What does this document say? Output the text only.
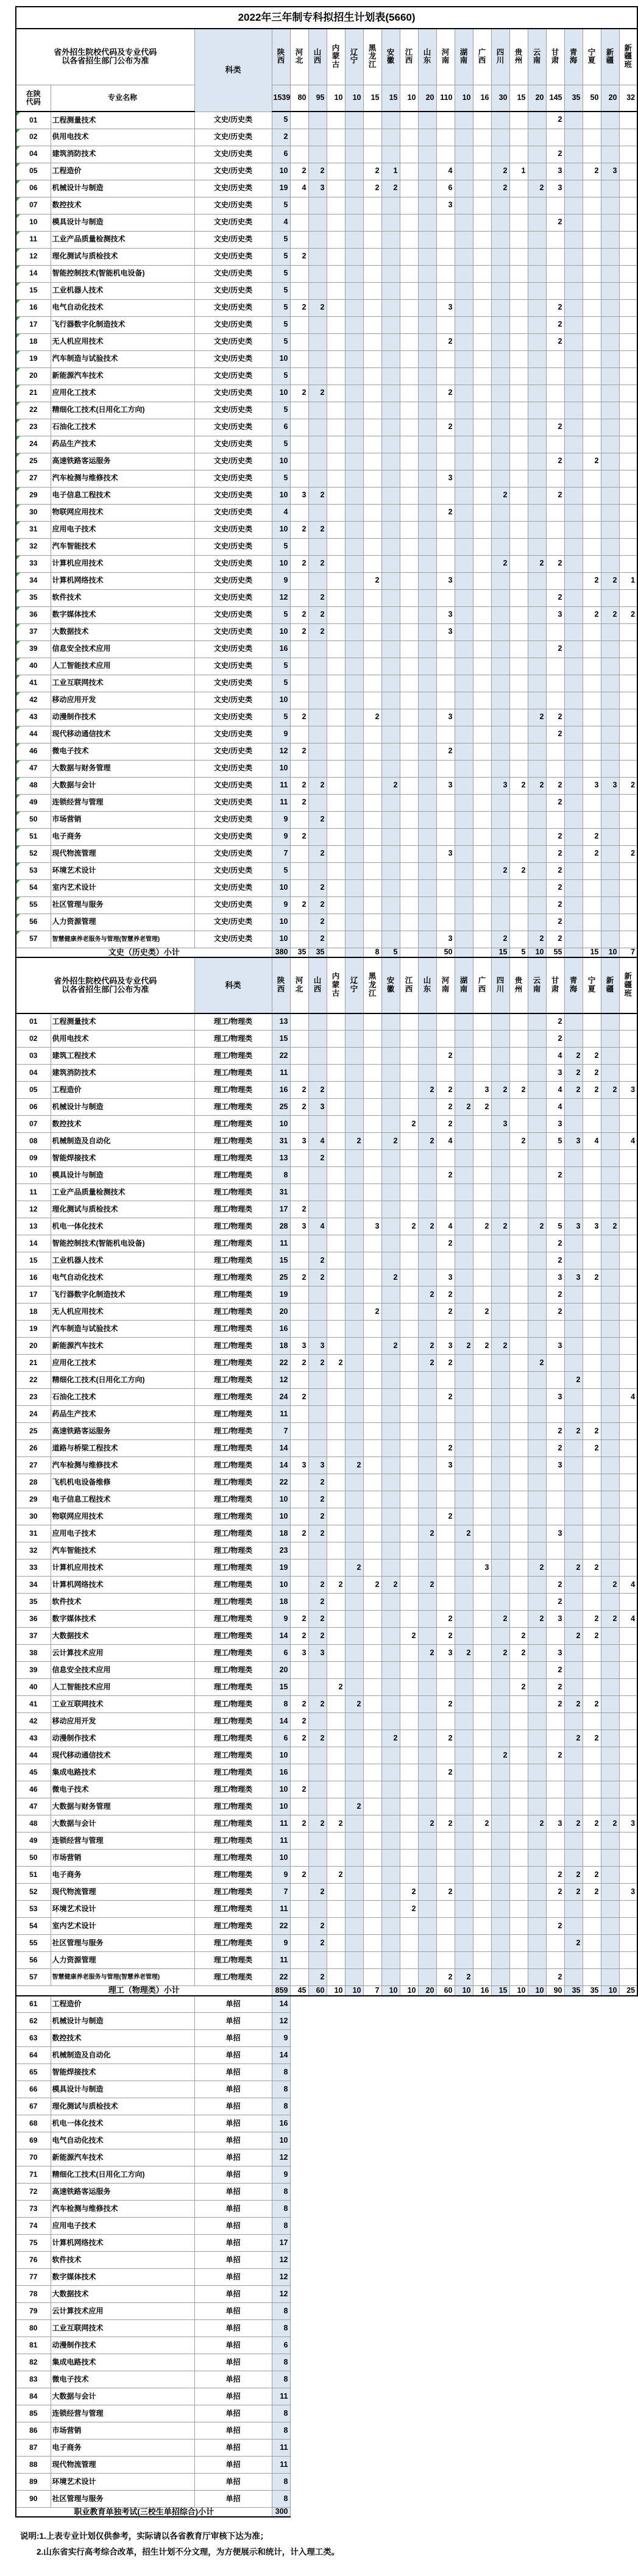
2022年三年制专科拟招生计划表(5660)																						
省外招生院校代码及专业代码
以各省招生部门公布为准		科类	陕
西	河
北	山
西	内
蒙
古	辽
宁	黑
龙
江	安
徽	江
西	山
东	河
南	湖
南	广
西	四
川	贵
州	云
南	甘
肃	青
海	宁
夏	新
疆	新
疆
班
在陕
代码	专业名称		1539	80	95	10	10	15	15	10	20	110	10	16	30	15	20	145	35	50	20	32
01	工程测量技术	文史/历史类	5															2				
02	供用电技术	文史/历史类	2																			
04	建筑消防技术	文史/历史类	6															2				
05	工程造价	文史/历史类	10	2	2			2	1			4			2	1		3		2	3	
06	机械设计与制造	文史/历史类	19	4	3			2	2			6			2		2	3				
07	数控技术	文史/历史类	5									3										
10	模具设计与制造	文史/历史类	4															2				
11	工业产品质量检测技术	文史/历史类	5																			
12	理化测试与质检技术	文史/历史类	5	2																		
14	智能控制技术(智能机电设备)	文史/历史类	5																			
15	工业机器人技术	文史/历史类	5																			
16	电气自动化技术	文史/历史类	5	2	2							3						2				
17	飞行器数字化制造技术	文史/历史类	5															2				
18	无人机应用技术	文史/历史类	5									2						2				
19	汽车制造与试验技术	文史/历史类	10																			
20	新能源汽车技术	文史/历史类	5																			
21	应用化工技术	文史/历史类	10	2	2							2										
22	精细化工技术(日用化工方向)	文史/历史类	5																			
23	石油化工技术	文史/历史类	6									2						2				
24	药品生产技术	文史/历史类	5																			
25	高速铁路客运服务	文史/历史类	10															2		2		
27	汽车检测与维修技术	文史/历史类	5									3										
29	电子信息工程技术	文史/历史类	10	3	2										2			2				
30	物联网应用技术	文史/历史类	4									2										
31	应用电子技术	文史/历史类	10	2	2																	
32	汽车智能技术	文史/历史类	5																			
33	计算机应用技术	文史/历史类	10	2	2										2		2	2				
34	计算机网络技术	文史/历史类	9					2				3								2	2	1
35	软件技术	文史/历史类	12		2													2				
36	数字媒体技术	文史/历史类	5	2	2							3						3		2	2	2
37	大数据技术	文史/历史类	10	2	2							3										
39	信息安全技术应用	文史/历史类	16															2				
40	人工智能技术应用	文史/历史类	5																			
41	工业互联网技术	文史/历史类	5																			
42	移动应用开发	文史/历史类	10																			
43	动漫制作技术	文史/历史类	5	2				2				3					2	2				
44	现代移动通信技术	文史/历史类	9															2				
46	微电子技术	文史/历史类	12	2								2										
47	大数据与财务管理	文史/历史类	10																			
48	大数据与会计	文史/历史类	11	2	2				2			3			3	2	2	2		3	3	2
49	连锁经营与管理	文史/历史类	11	2														2				
50	市场营销	文史/历史类	9		2																	
51	电子商务	文史/历史类	9	2														2		2		
52	现代物流管理	文史/历史类	7		2							3						2		2		2
53	环境艺术设计	文史/历史类	5												2	2		2				
54	室内艺术设计	文史/历史类	10		2													2				
55	社区管理与服务	文史/历史类	9	2	2													2				
56	人力资源管理	文史/历史类	10		2													2				
57	智慧健康养老服务与管理(智慧养老管理)	文史/历史类	10		2							3			2		2	2				
文史（历史类）小计			380	35	35			8	5			50			15	5	10	55		15	10	7
省外招生院校代码及专业代码
以各省招生部门公布为准		科类	陕
西	河
北	山
西	内
蒙
古	辽
宁	黑
龙
江	安
徽	江
西	山
东	河
南	湖
南	广
西	四
川	贵
州	云
南	甘
肃	青
海	宁
夏	新
疆	新
疆
班
01	工程测量技术	理工/物理类	13															2				
02	供用电技术	理工/物理类	15															2				
03	建筑工程技术	理工/物理类	22									2						4	2	2		
04	建筑消防技术	理工/物理类	11															3	2	2		
05	工程造价	理工/物理类	16	2	2						2	2		3	2	2		4	2	2	2	3
06	机械设计与制造	理工/物理类	25	2	3							2	2	2				4				
07	数控技术	理工/物理类	10							2		2			3			3				
08	机械制造及自动化	理工/物理类	31	3	4		2		2		2	4				2		5	3	4		4
09	智能焊接技术	理工/物理类	13		2																	
10	模具设计与制造	理工/物理类	8									2						2				
11	工业产品质量检测技术	理工/物理类	31																			
12	理化测试与质检技术	理工/物理类	17	2																		
13	机电一体化技术	理工/物理类	28	3	4			3		2	2	4		2	2		2	5	3	3	2	
14	智能控制技术(智能机电设备)	理工/物理类	11									2						2				
15	工业机器人技术	理工/物理类	15		2													2				
16	电气自动化技术	理工/物理类	25	2	2				2			3						3	3	2		
17	飞行器数字化制造技术	理工/物理类	19								2	2						2				
18	无人机应用技术	理工/物理类	20					2				2		2				2				
19	汽车制造与试验技术	理工/物理类	16																			
20	新能源汽车技术	理工/物理类	18	3	3				2		2	3	2	2	2			3				
21	应用化工技术	理工/物理类	22	2	2	2					2	2					2					
22	精细化工技术(日用化工方向)	理工/物理类	12																2			
23	石油化工技术	理工/物理类	24	2								2						3				4
24	药品生产技术	理工/物理类	11																			
25	高速铁路客运服务	理工/物理类	7															2	2	2		
26	道路与桥梁工程技术	理工/物理类	14									2						2		2		
27	汽车检测与维修技术	理工/物理类	14	3	3		2					3						3				
28	飞机机电设备维修	理工/物理类	22		2																	
29	电子信息工程技术	理工/物理类	10		2																	
30	物联网应用技术	理工/物理类	10		2							2										
31	应用电子技术	理工/物理类	18	2	2						2		2					3				
32	汽车智能技术	理工/物理类	23																			
33	计算机应用技术	理工/物理类	19				2							3			2		2	2		
34	计算机网络技术	理工/物理类	10		2	2		2	2		2							2			2	4
35	软件技术	理工/物理类	18		2													2				
36	数字媒体技术	理工/物理类	9	2	2							2			2		2	3		2	2	4
37	大数据技术	理工/物理类	14	2	2					2		2				2			2	2		
38	云计算技术应用	理工/物理类	6	3	3						2	3	2		2	2		3				
39	信息安全技术应用	理工/物理类	20															2				
40	人工智能技术应用	理工/物理类	15			2										2		2				
41	工业互联网技术	理工/物理类	8	2	2		2					2						2	2	2		
42	移动应用开发	理工/物理类	14	2																		
43	动漫制作技术	理工/物理类	6	2	2				2			2							2	2		
44	现代移动通信技术	理工/物理类	10												2			2				
45	集成电路技术	理工/物理类	16									2										
46	微电子技术	理工/物理类	10	2																		
47	大数据与财务管理	理工/物理类	10				2															
48	大数据与会计	理工/物理类	11	2	2	2					2	2		2			2	3	2	2	2	3
49	连锁经营与管理	理工/物理类	11																			
50	市场营销	理工/物理类	10																			
51	电子商务	理工/物理类	9	2		2												2	2	2		
52	现代物流管理	理工/物理类	7		2					2		2						2	2	2		3
53	环境艺术设计	理工/物理类	11							2												
54	室内艺术设计	理工/物理类	22		2													2				
55	社区管理与服务	理工/物理类	9		2														2			
56	人力资源管理	理工/物理类	11																			
57	智慧健康养老服务与管理(智慧养老管理)	理工/物理类	22		2							2	2					2				
理工（物理类）小计			859	45	60	10	10	7	10	10	20	60	10	16	15	10	10	90	35	35	10	25
61	工程造价	单招	14																			
62	机械设计与制造	单招	12																			
63	数控技术	单招	9																			
64	机械制造及自动化	单招	14																			
65	智能焊接技术	单招	8																			
66	模具设计与制造	单招	8																			
67	理化测试与质检技术	单招	8																			
68	机电一体化技术	单招	16																			
69	电气自动化技术	单招	10																			
70	新能源汽车技术	单招	12																			
71	精细化工技术(日用化工方向)	单招	9																			
72	高速铁路客运服务	单招	8																			
73	汽车检测与维修技术	单招	8																			
74	应用电子技术	单招	8																			
75	计算机网络技术	单招	17																			
76	软件技术	单招	12																			
77	数字媒体技术	单招	12																			
78	大数据技术	单招	12																			
79	云计算技术应用	单招	8																			
80	工业互联网技术	单招	8																			
81	动漫制作技术	单招	6																			
82	集成电路技术	单招	8																			
83	微电子技术	单招	8																			
84	大数据与会计	单招	11																			
85	连锁经营与管理	单招	8																			
86	市场营销	单招	8																			
87	电子商务	单招	11																			
88	现代物流管理	单招	11																			
89	环境艺术设计	单招	8																			
90	社区管理与服务	单招	8																			
职业教育单独考试(三校生单招综合)小计			300																			
说明:1.上表专业计划仅供参考，实际请以各省教育厅审核下达为准；
2.山东省实行高考综合改革，招生计划不分文理，为方便展示和统计，计入理工类。
